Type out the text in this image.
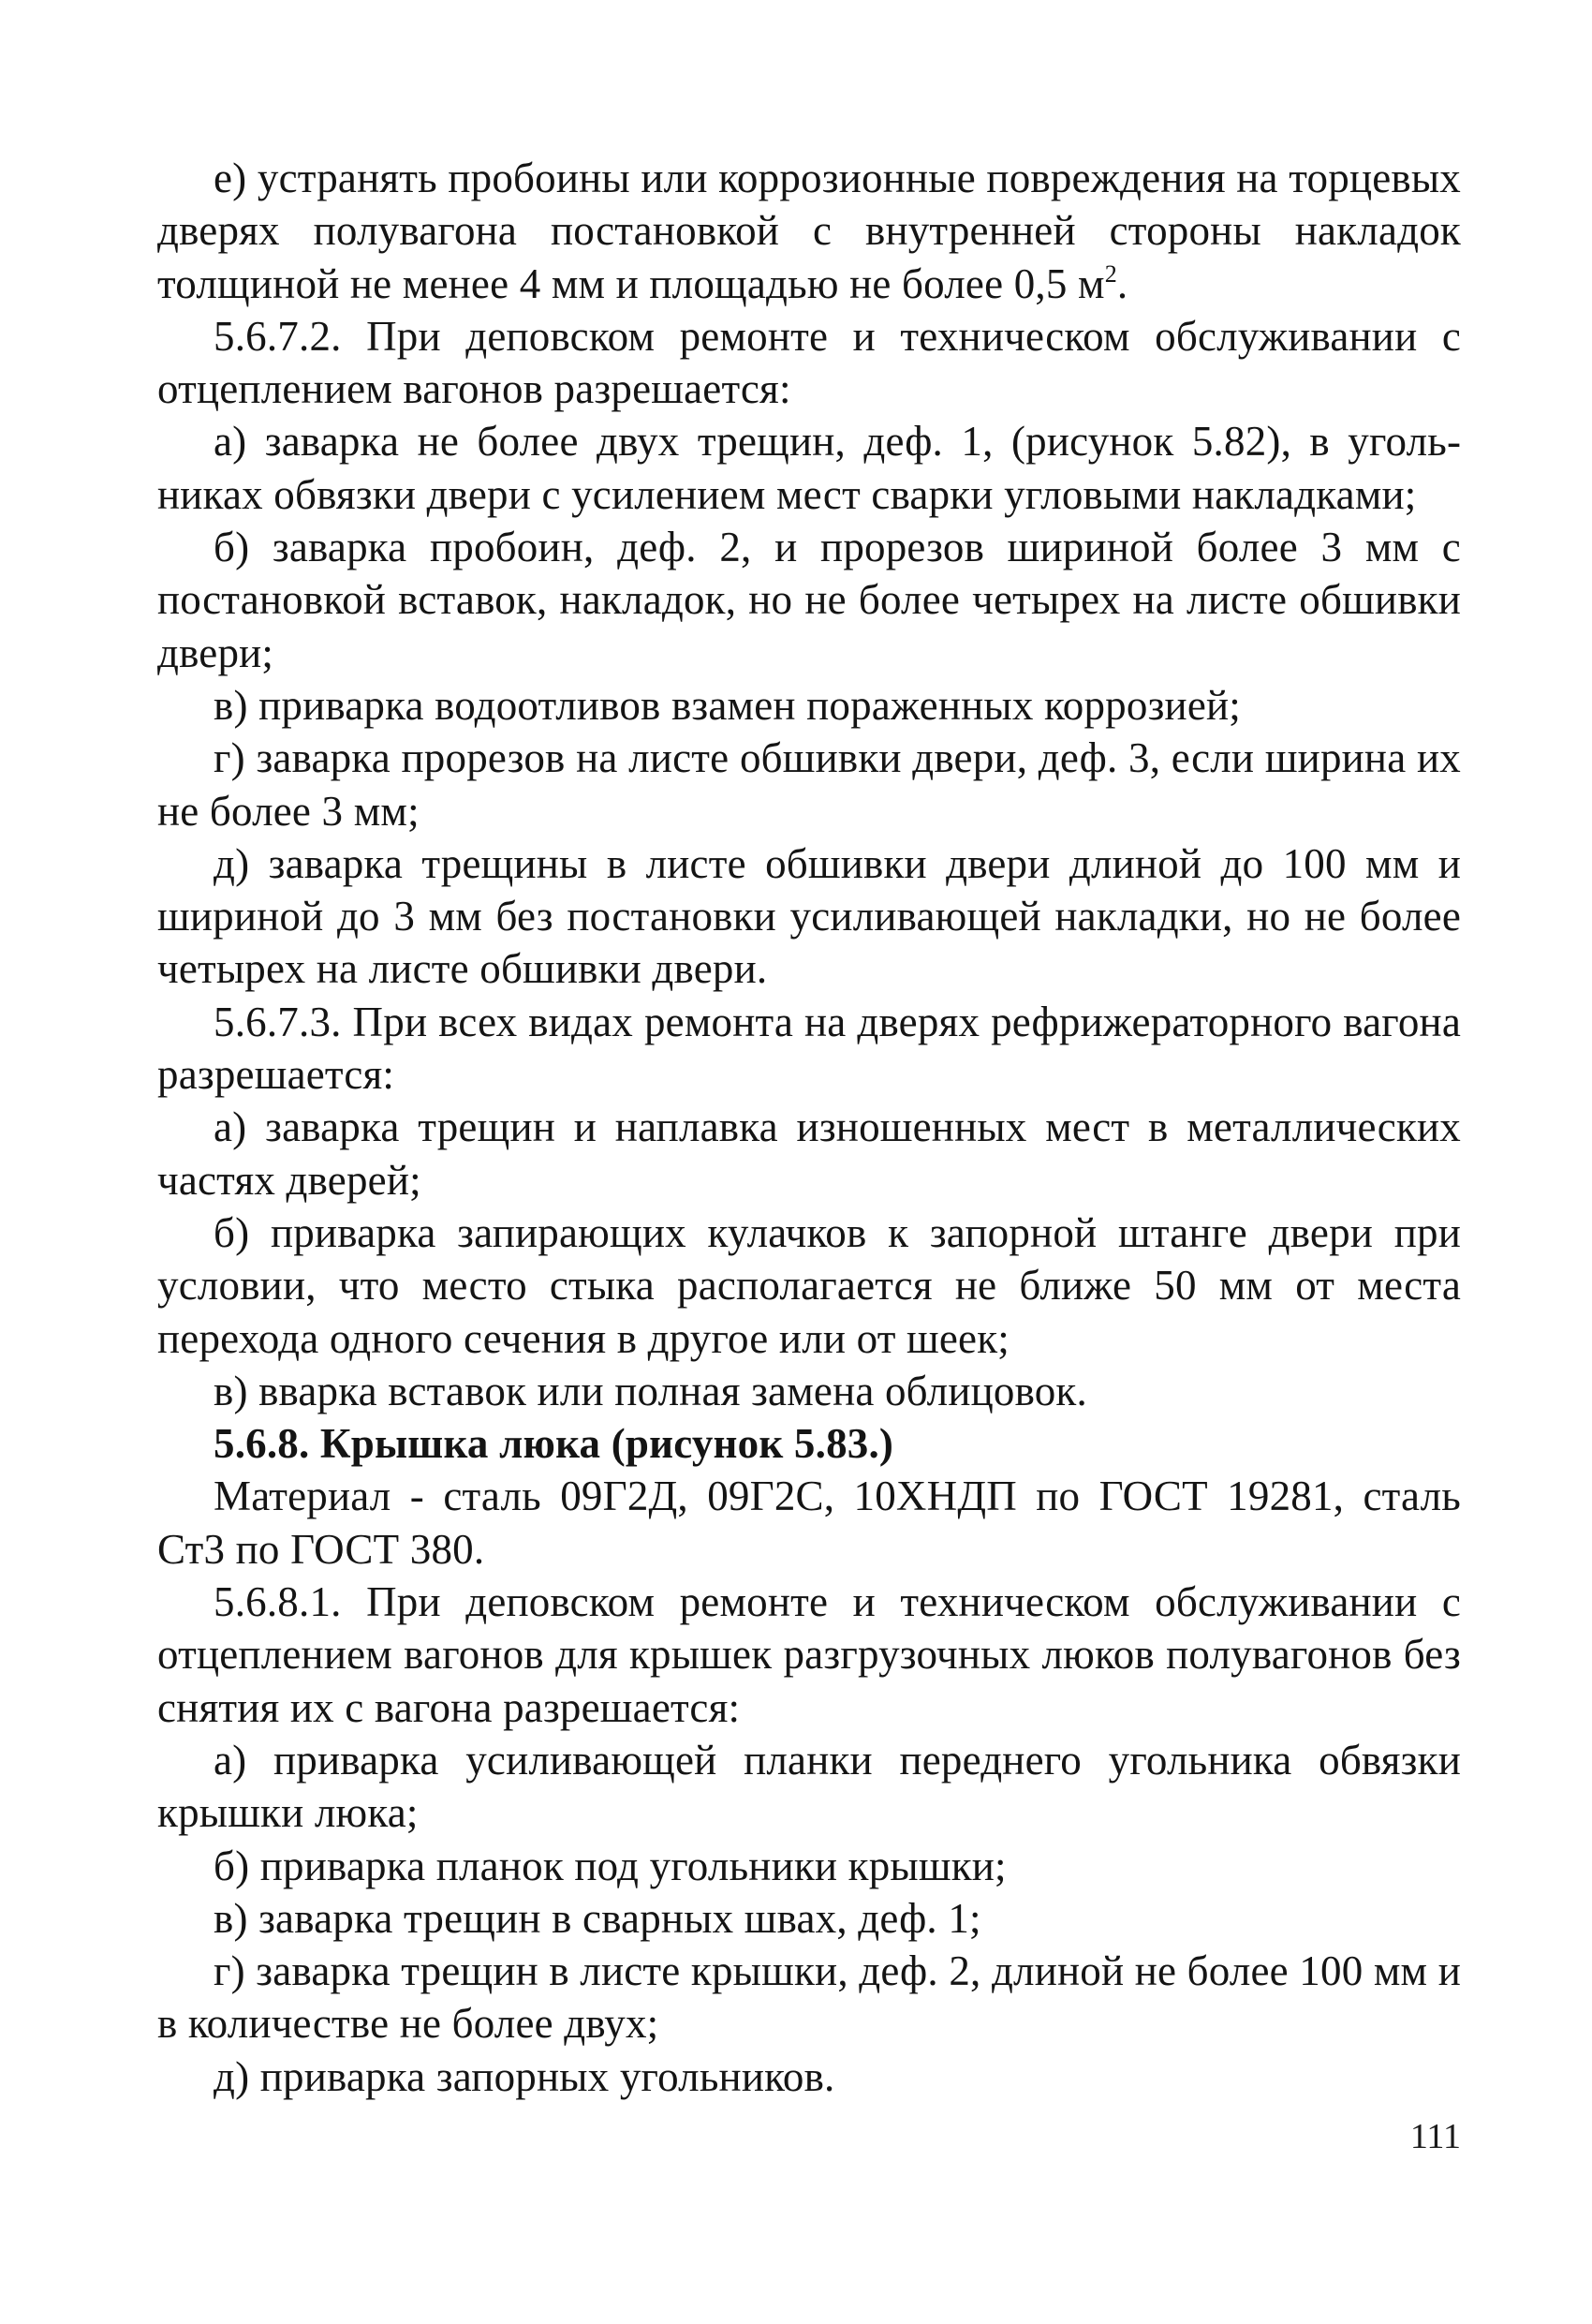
е) устранять пробоины или коррозионные повреждения на торцевых дверях полувагона постановкой с внутренней стороны накладок толщиной не менее 4 мм и площадью не более 0,5 $м^2$.

5.6.7.2. При деповском ремонте и техническом обслуживании с отцеплением вагонов разрешается:

а) заварка не более двух трещин, деф. 1, (рисунок 5.82), в угольниках обвязки двери с усилением мест сварки угловыми накладками;

б) заварка пробоин, деф. 2, и прорезов шириной более 3 мм с постановкой вставок, накладок, но не более четырех на листе обшивки двери;

в) приварка водоотливов взамен пораженных коррозией;

г) заварка прорезов на листе обшивки двери, деф. 3, если ширина их не более 3 мм;

д) заварка трещины в листе обшивки двери длиной до 100 мм и шириной до 3 мм без постановки усиливающей накладки, но не более четырех на листе обшивки двери.

5.6.7.3. При всех видах ремонта на дверях рефрижераторного вагона разрешается:

а) заварка трещин и наплавка изношенных мест в металлических частях дверей;

б) приварка запирающих кулачков к запорной штанге двери при условии, что место стыка располагается не ближе 50 мм от места перехода одного сечения в другое или от шеек;

в) вварка вставок или полная замена облицовок.

5.6.8. Крышка люка (рисунок 5.83.)

Материал - сталь 09Г2Д, 09Г2С, 10ХНДП по ГОСТ 19281, сталь Ст3 по ГОСТ 380.

5.6.8.1. При деповском ремонте и техническом обслуживании с отцеплением вагонов для крышек разгрузочных люков полувагонов без снятия их с вагона разрешается:

а) приварка усиливающей планки переднего угольника обвязки крышки люка;

б) приварка планок под угольники крышки;

в) заварка трещин в сварных швах, деф. 1;

г) заварка трещин в листе крышки, деф. 2, длиной не более 100 мм и в количестве не более двух;

д) приварка запорных угольников.

111
